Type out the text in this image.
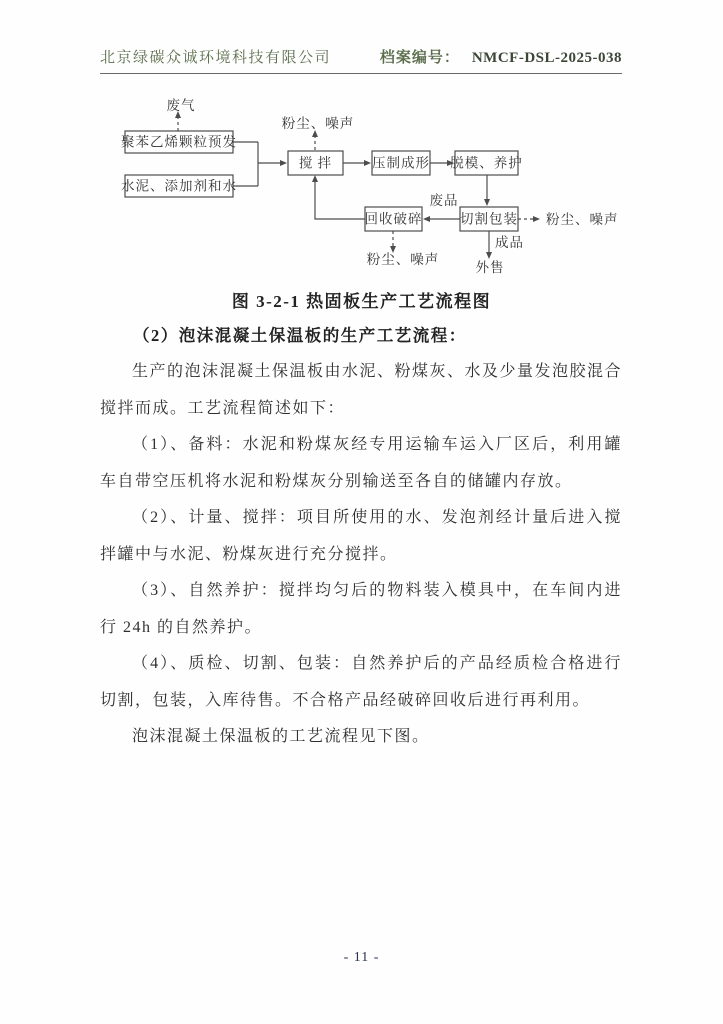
北京绿碳众诚环境科技有限公司	档案编号： NMCF-DSL-2025-038
废气
聚苯乙烯颗粒预发
水泥、添加剂和水
粉尘、噪声
搅 拌	压制成形 脱模、养护
废品
切割包装
回收破碎
粉尘、噪声
粉尘、噪声
成品
外售
图 3-2-1 热固板生产工艺流程图
（2）泡沫混凝土保温板的生产工艺流程：

生产的泡沫混凝土保温板由水泥、粉煤灰、水及少量发泡胶混合搅拌而成。工艺流程简述如下：

（1）、备料：水泥和粉煤灰经专用运输车运入厂区后，利用罐车自带空压机将水泥和粉煤灰分别输送至各自的储罐内存放。

（2）、计量、搅拌：项目所使用的水、发泡剂经计量后进入搅拌罐中与水泥、粉煤灰进行充分搅拌。

（3）、自然养护：搅拌均匀后的物料装入模具中，在车间内进行 24h 的自然养护。

（4）、质检、切割、包装：自然养护后的产品经质检合格进行切割，包装，入库待售。不合格产品经破碎回收后进行再利用。

泡沫混凝土保温板的工艺流程见下图。

- 11 -
